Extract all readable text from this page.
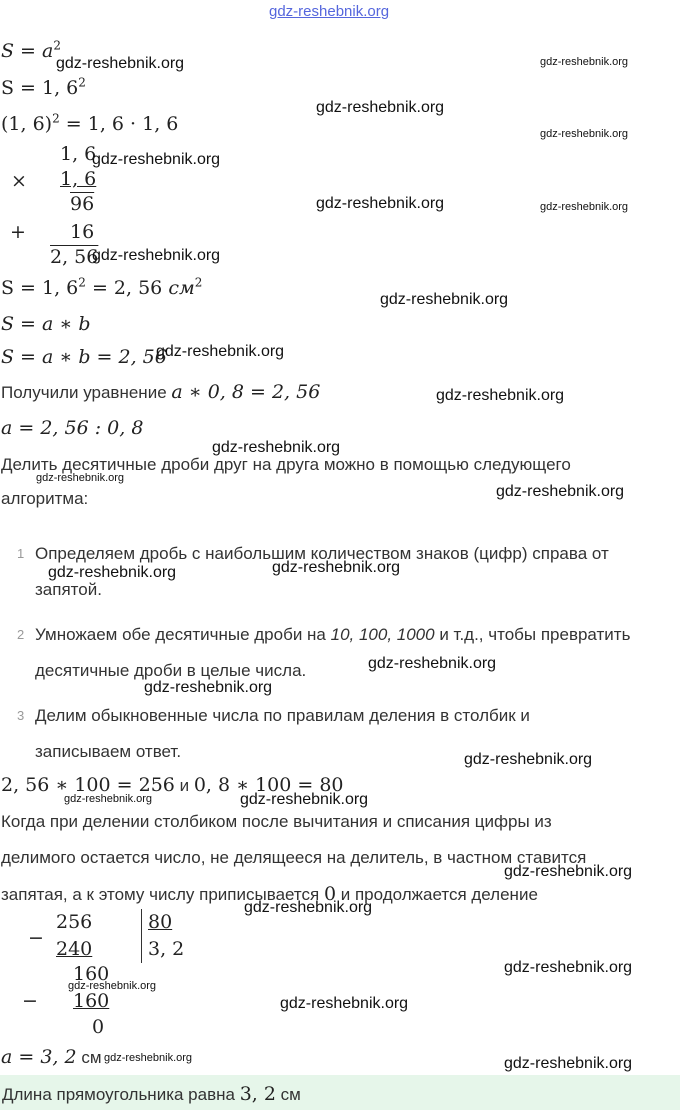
gdz-reshebnik.org
$S = a^2$
S = 1, $6^2$
(1, 6)$^2$ = 1, 6 · 1, 6
1, 6
× 1, 6
96
+ 16
2, 56
S = 1, $6^2 = 2$, 56 $см^2$
S = a ∗ b
S = a ∗ b = 2, 56
Получили уравнение a ∗ 0, 8 = 2, 56
a = 2, 56 : 0, 8
Делить десятичные дроби друг на друга можно в помощью следующего
алгоритма:
1 Определяем дробь с наибольшим количеством знаков (цифр) справа от
запятой.
2 Умножаем обе десятичные дроби на 10, 100, 1000 и т.д., чтобы превратить
десятичные дроби в целые числа.
3 Делим обыкновенные числа по правилам деления в столбик и
записываем ответ.
2, 56 ∗ 100 = 256 и 0, 8 ∗ 100 = 80
Когда при делении столбиком после вычитания и списания цифры из
делимого остается число, не делящееся на делитель, в частном ставится
запятая, а к этому числу приписывается 0 и продолжается деление
−
256
240
80
3, 2
160
− 160
0
a = 3, 2 см
Длина прямоугольника равна 3, 2 см
gdz-reshebnik.org	gdz-reshebnik.org
gdz-reshebnik.org
gdz-reshebnik.org
gdz-reshebnik.org
gdz-reshebnik.org	gdz-reshebnik.org
gdz-reshebnik.org
gdz-reshebnik.org
gdz-reshebnik.org
gdz-reshebnik.org
gdz-reshebnik.org
gdz-reshebnik.org
gdz-reshebnik.org
gdz-reshebnik.org
gdz-reshebnik.org
gdz-reshebnik.org
gdz-reshebnik.org
gdz-reshebnik.org
gdz-reshebnik.org	gdz-reshebnik.org
gdz-reshebnik.org
gdz-reshebnik.org
gdz-reshebnik.org
gdz-reshebnik.org
gdz-reshebnik.org
gdz-reshebnik.org	gdz-reshebnik.org
